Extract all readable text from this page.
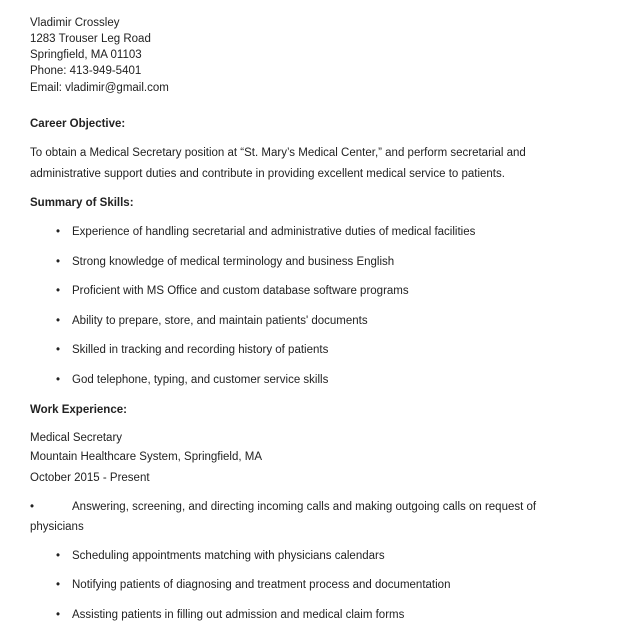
Vladimir Crossley
1283 Trouser Leg Road
Springfield, MA 01103
Phone: 413-949-5401
Email: vladimir@gmail.com
Career Objective:
To obtain a Medical Secretary position at “St. Mary’s Medical Center,” and perform secretarial and
administrative support duties and contribute in providing excellent medical service to patients.
Summary of Skills:
• Experience of handling secretarial and administrative duties of medical facilities
• Strong knowledge of medical terminology and business English
• Proficient with MS Office and custom database software programs
• Ability to prepare, store, and maintain patients' documents
• Skilled in tracking and recording history of patients
• God telephone, typing, and customer service skills
Work Experience:
Medical Secretary
Mountain Healthcare System, Springfield, MA
October 2015 - Present
•	Answering, screening, and directing incoming calls and making outgoing calls on request of
physicians
• Scheduling appointments matching with physicians calendars
• Notifying patients of diagnosing and treatment process and documentation
• Assisting patients in filling out admission and medical claim forms
